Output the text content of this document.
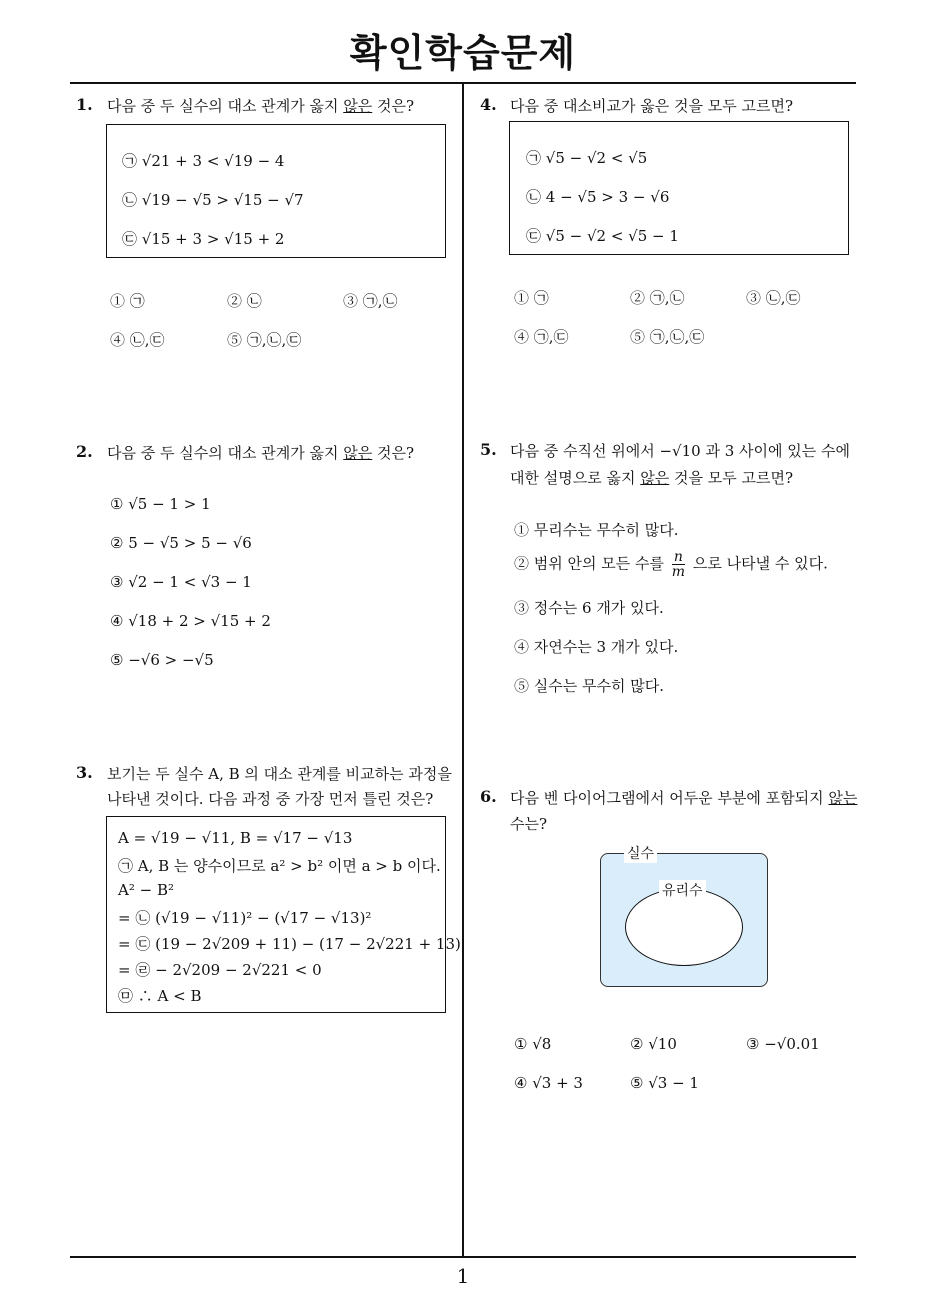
확인학습문제
1
1. 다음 중 두 실수의 대소 관계가 옳지 않은 것은?
㉠ √21 + 3 < √19 − 4
㉡ √19 − √5 > √15 − √7
㉢ √15 + 3 > √15 + 2
① ㉠	② ㉡	③ ㉠,㉡
④ ㉡,㉢	⑤ ㉠,㉡,㉢
2. 다음 중 두 실수의 대소 관계가 옳지 않은 것은?
① √5 − 1 > 1
② 5 − √5 > 5 − √6
③ √2 − 1 < √3 − 1
④ √18 + 2 > √15 + 2
⑤ −√6 > −√5
3. 보기는 두 실수 A, B 의 대소 관계를 비교하는 과정을
나타낸 것이다. 다음 과정 중 가장 먼저 틀린 것은?
A = √19 − √11, B = √17 − √13
㉠ A, B 는 양수이므로 a² > b² 이면 a > b 이다.
A² − B²
= ㉡ (√19 − √11)² − (√17 − √13)²
= ㉢ (19 − 2√209 + 11) − (17 − 2√221 + 13)
= ㉣ − 2√209 − 2√221 < 0
㉤ ∴ A < B
4. 다음 중 대소비교가 옳은 것을 모두 고르면?
㉠ √5 − √2 < √5
㉡ 4 − √5 > 3 − √6
㉢ √5 − √2 < √5 − 1
① ㉠	② ㉠,㉡	③ ㉡,㉢
④ ㉠,㉢	⑤ ㉠,㉡,㉢
5. 다음 중 수직선 위에서 −√10 과 3 사이에 있는 수에
대한 설명으로 옳지 않은 것을 모두 고르면?
① 무리수는 무수히 많다.
② 범위 안의 모든 수를 $\frac{n}{m}$ 으로 나타낼 수 있다.
③ 정수는 6 개가 있다.
④ 자연수는 3 개가 있다.
⑤ 실수는 무수히 많다.
6. 다음 벤 다이어그램에서 어두운 부분에 포함되지 않는
수는?
실수
유리수
① √8	② √10	③ −√0.01
④ √3 + 3	⑤ √3 − 1
